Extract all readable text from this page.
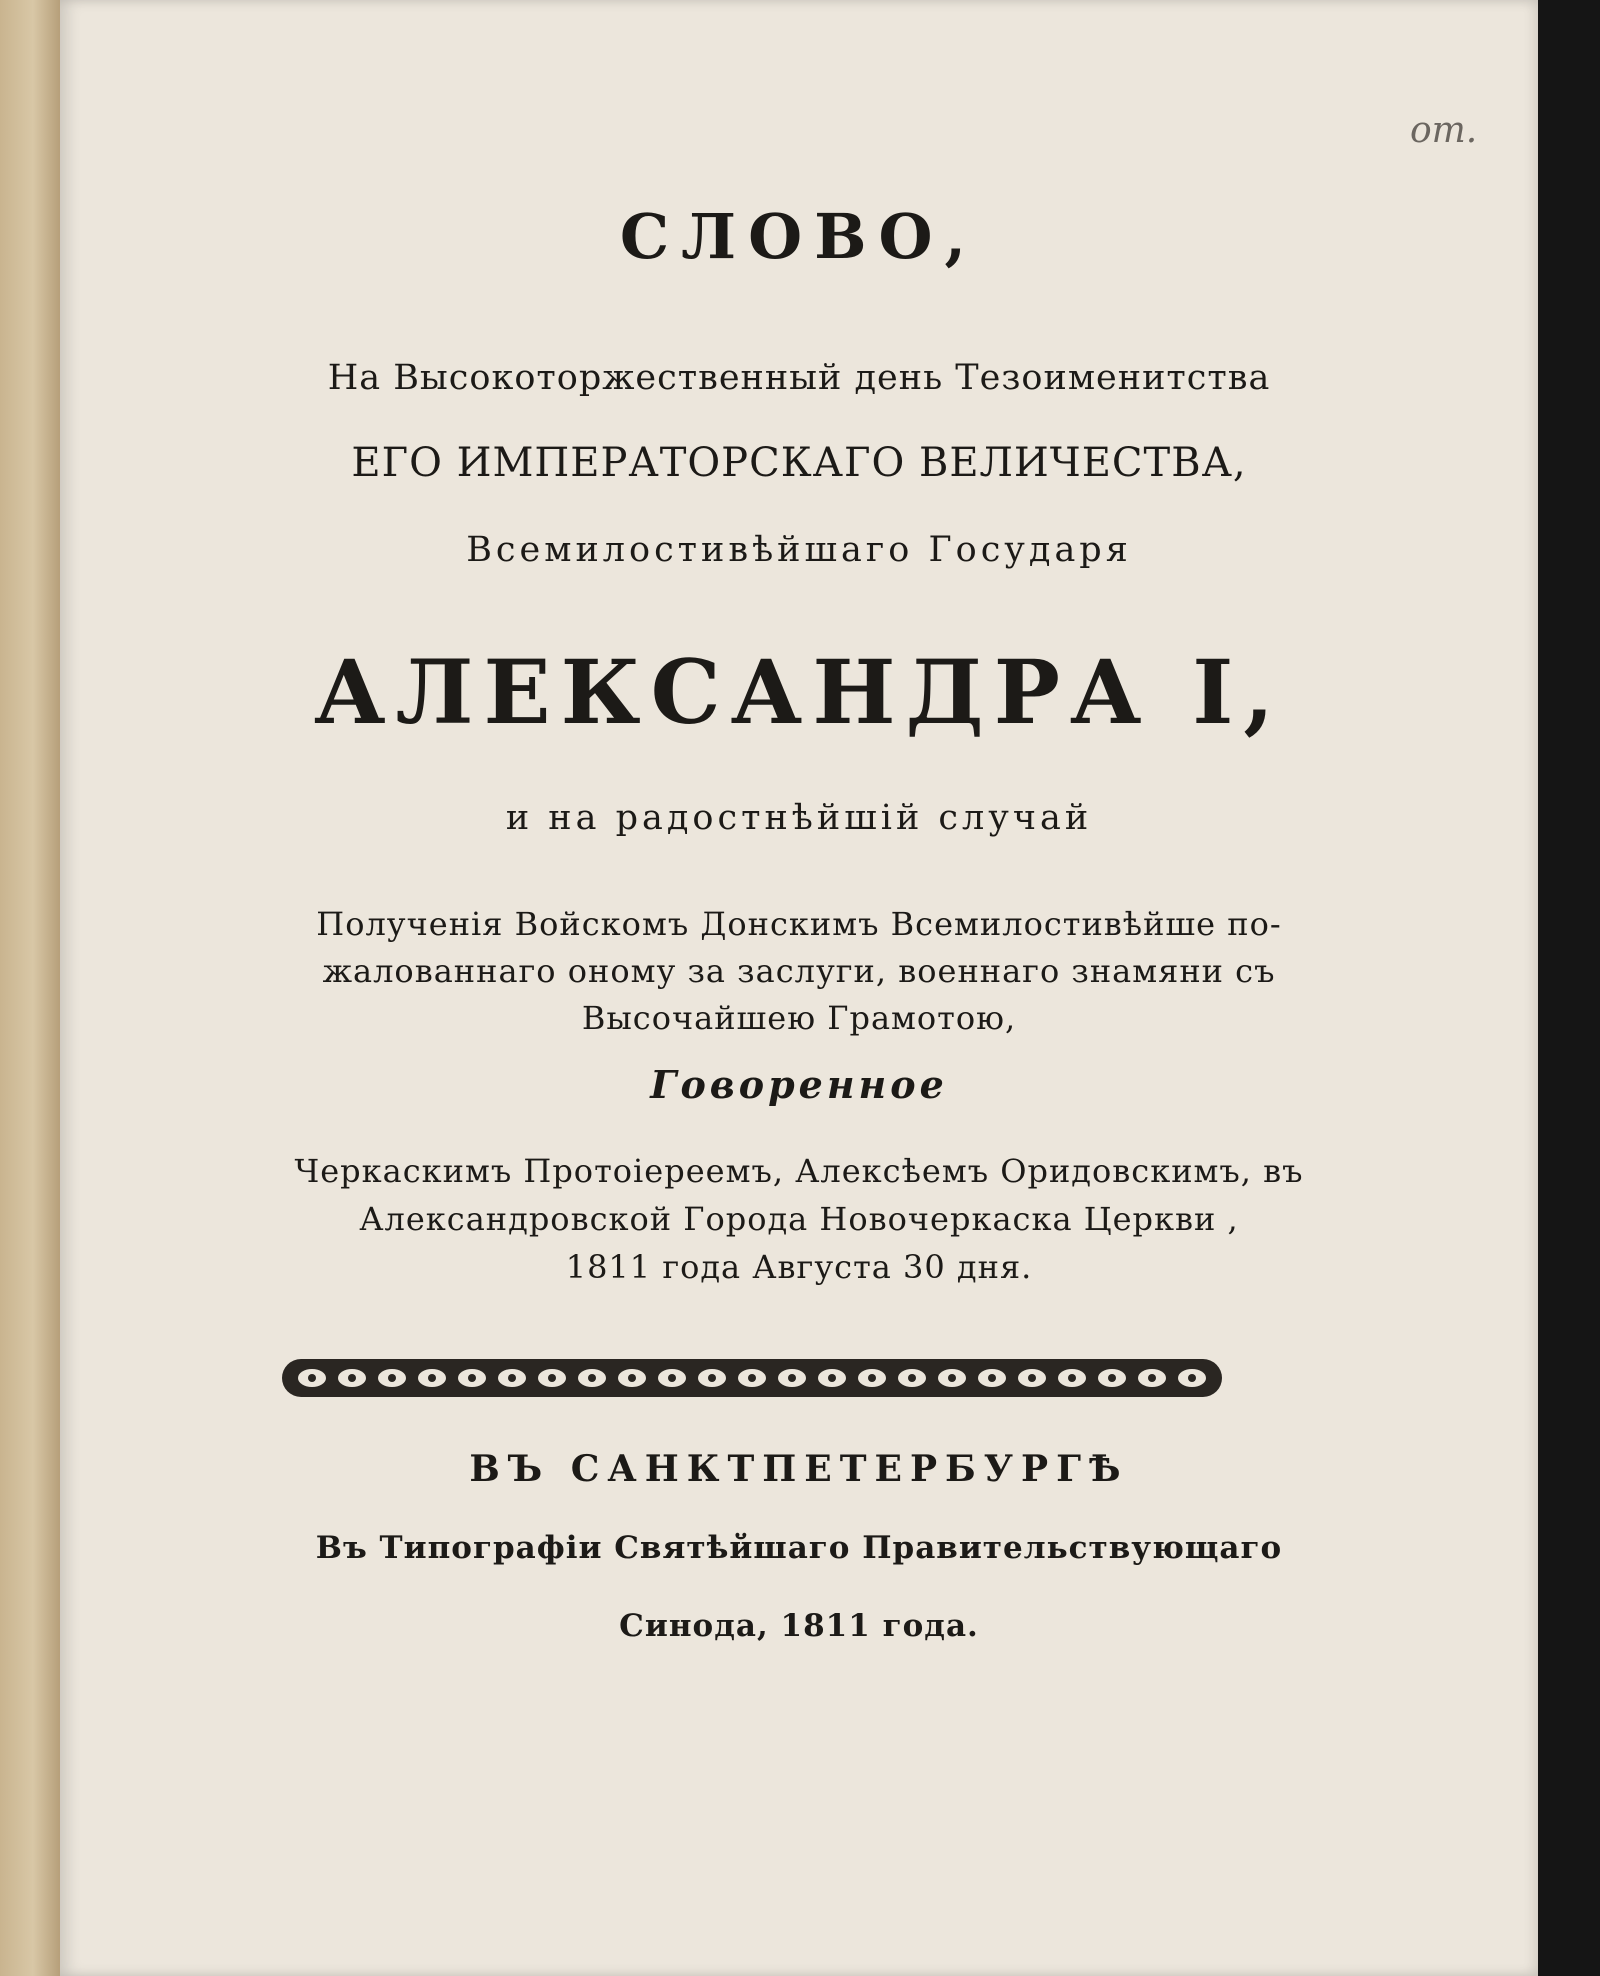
от.
СЛОВО,
На Высокоторжественный день Тезоименитства
ЕГО ИМПЕРАТОРСКАГО ВЕЛИЧЕСТВА,
Всемилостивѣйшаго Государя
АЛЕКСАНДРА I,
и на радостнѣйшій случай
Полученія Войскомъ Донскимъ Всемилостивѣйше по-
жалованнаго оному за заслуги, военнаго знамяни съ
Высочайшею Грамотою,
Говоренное
Черкаскимъ Протоіереемъ, Алексѣемъ Оридовскимъ, въ
Александровской Города Новочеркаска Церкви ,
1811 года Августа 30 дня.
ВЪ САНКТПЕТЕРБУРГѢ
Въ Типографіи Святѣйшаго Правительствующаго
Синода, 1811 года.
